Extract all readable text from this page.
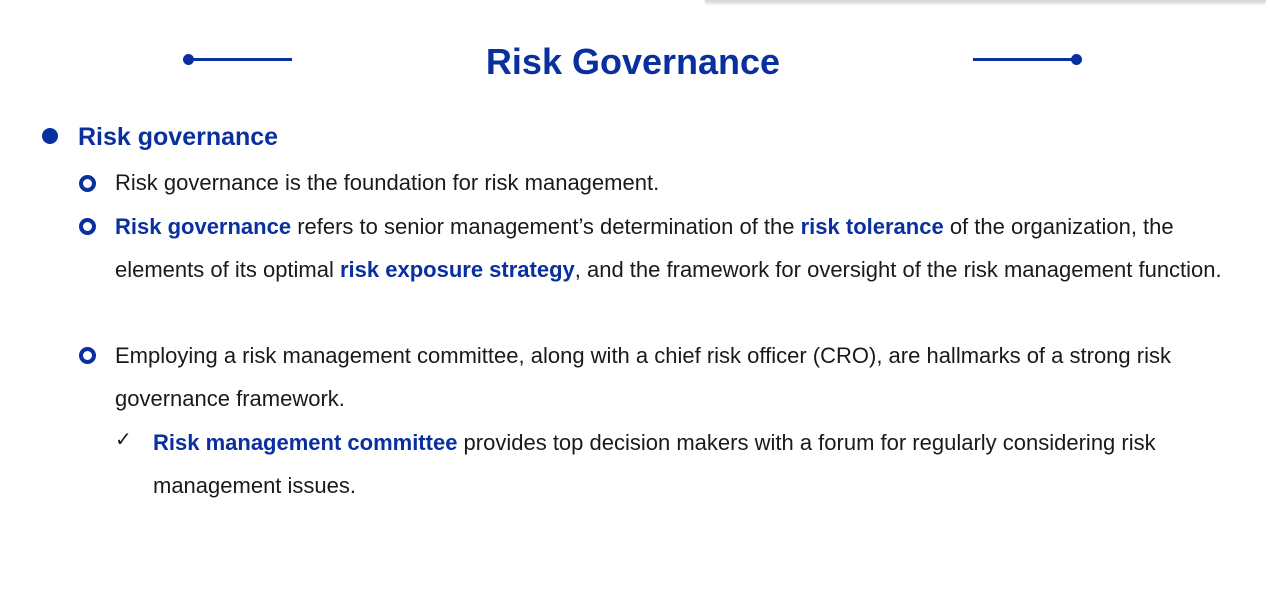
Risk Governance
Risk governance
Risk governance is the foundation for risk management.
Risk governance refers to senior management’s determination of the risk tolerance of the organization, the elements of its optimal risk exposure strategy, and the framework for oversight of the risk management function.
Employing a risk management committee, along with a chief risk officer (CRO), are hallmarks of a strong risk governance framework.
✓ Risk management committee provides top decision makers with a forum for regularly considering risk management issues.
